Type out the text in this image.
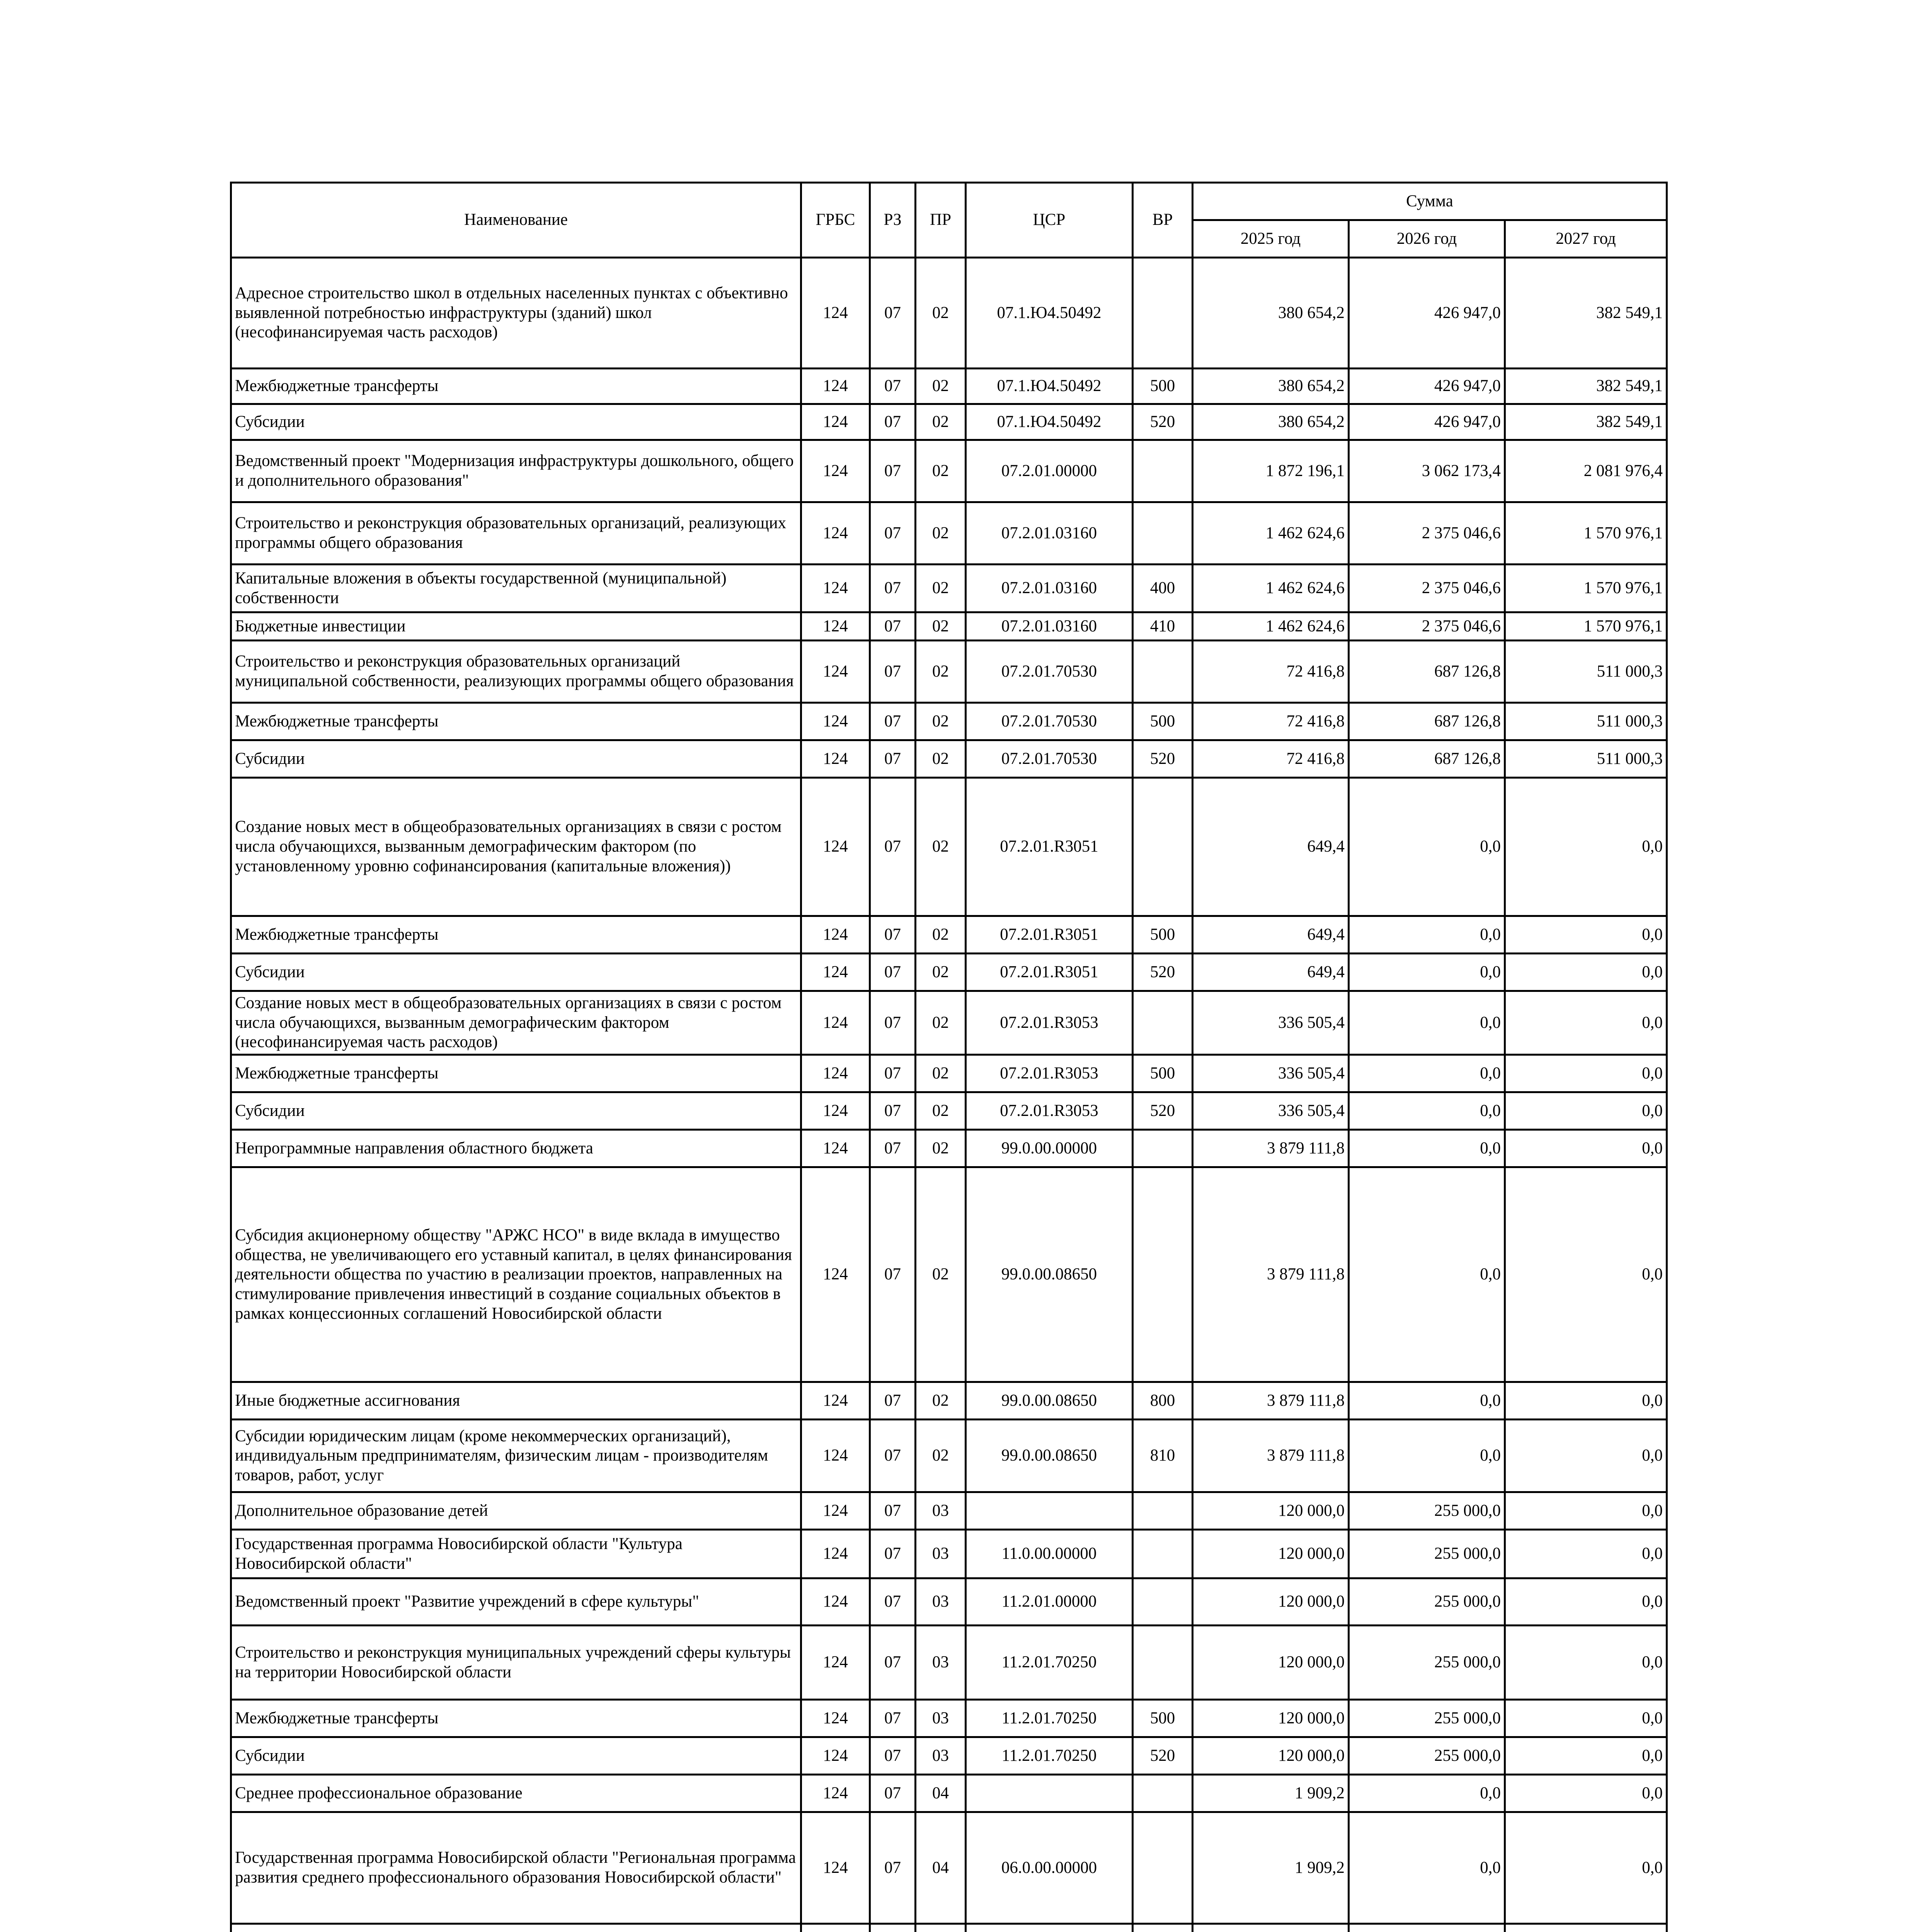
Наименование	ГРБС	РЗ	ПР	ЦСР	ВР	Сумма		
						2025 год	2026 год	2027 год
Адресное строительство школ в отдельных населенных пунктах с объективно выявленной потребностью инфраструктуры (зданий) школ (несофинансируемая часть расходов)	124	07	02	07.1.Ю4.50492		380 654,2	426 947,0	382 549,1
Межбюджетные трансферты	124	07	02	07.1.Ю4.50492	500	380 654,2	426 947,0	382 549,1
Субсидии	124	07	02	07.1.Ю4.50492	520	380 654,2	426 947,0	382 549,1
Ведомственный проект "Модернизация инфраструктуры дошкольного, общего и дополнительного образования"	124	07	02	07.2.01.00000		1 872 196,1	3 062 173,4	2 081 976,4
Строительство и реконструкция образовательных организаций, реализующих программы общего образования	124	07	02	07.2.01.03160		1 462 624,6	2 375 046,6	1 570 976,1
Капитальные вложения в объекты государственной (муниципальной) собственности	124	07	02	07.2.01.03160	400	1 462 624,6	2 375 046,6	1 570 976,1
Бюджетные инвестиции	124	07	02	07.2.01.03160	410	1 462 624,6	2 375 046,6	1 570 976,1
Строительство и реконструкция образовательных организаций муниципальной собственности, реализующих программы общего образования	124	07	02	07.2.01.70530		72 416,8	687 126,8	511 000,3
Межбюджетные трансферты	124	07	02	07.2.01.70530	500	72 416,8	687 126,8	511 000,3
Субсидии	124	07	02	07.2.01.70530	520	72 416,8	687 126,8	511 000,3
Создание новых мест в общеобразовательных организациях в связи с ростом числа обучающихся, вызванным демографическим фактором (по установленному уровню софинансирования (капитальные вложения))	124	07	02	07.2.01.R3051		649,4	0,0	0,0
Межбюджетные трансферты	124	07	02	07.2.01.R3051	500	649,4	0,0	0,0
Субсидии	124	07	02	07.2.01.R3051	520	649,4	0,0	0,0
Создание новых мест в общеобразовательных организациях в связи с ростом числа обучающихся, вызванным демографическим фактором (несофинансируемая часть расходов)	124	07	02	07.2.01.R3053		336 505,4	0,0	0,0
Межбюджетные трансферты	124	07	02	07.2.01.R3053	500	336 505,4	0,0	0,0
Субсидии	124	07	02	07.2.01.R3053	520	336 505,4	0,0	0,0
Непрограммные направления областного бюджета	124	07	02	99.0.00.00000		3 879 111,8	0,0	0,0
Субсидия акционерному обществу "АРЖС НСО" в виде вклада в имущество общества, не увеличивающего его уставный капитал, в целях финансирования деятельности общества по участию в реализации проектов, направленных на стимулирование привлечения инвестиций в создание социальных объектов в рамках концессионных соглашений Новосибирской области	124	07	02	99.0.00.08650		3 879 111,8	0,0	0,0
Иные бюджетные ассигнования	124	07	02	99.0.00.08650	800	3 879 111,8	0,0	0,0
Субсидии юридическим лицам (кроме некоммерческих организаций), индивидуальным предпринимателям, физическим лицам - производителям товаров, работ, услуг	124	07	02	99.0.00.08650	810	3 879 111,8	0,0	0,0
Дополнительное образование детей	124	07	03			120 000,0	255 000,0	0,0
Государственная программа Новосибирской области "Культура Новосибирской области"	124	07	03	11.0.00.00000		120 000,0	255 000,0	0,0
Ведомственный проект "Развитие учреждений в сфере культуры"	124	07	03	11.2.01.00000		120 000,0	255 000,0	0,0
Строительство и реконструкция муниципальных учреждений сферы культуры на территории Новосибирской области	124	07	03	11.2.01.70250		120 000,0	255 000,0	0,0
Межбюджетные трансферты	124	07	03	11.2.01.70250	500	120 000,0	255 000,0	0,0
Субсидии	124	07	03	11.2.01.70250	520	120 000,0	255 000,0	0,0
Среднее профессиональное образование	124	07	04			1 909,2	0,0	0,0
Государственная программа Новосибирской области "Региональная программа развития среднего профессионального образования Новосибирской области"	124	07	04	06.0.00.00000		1 909,2	0,0	0,0
